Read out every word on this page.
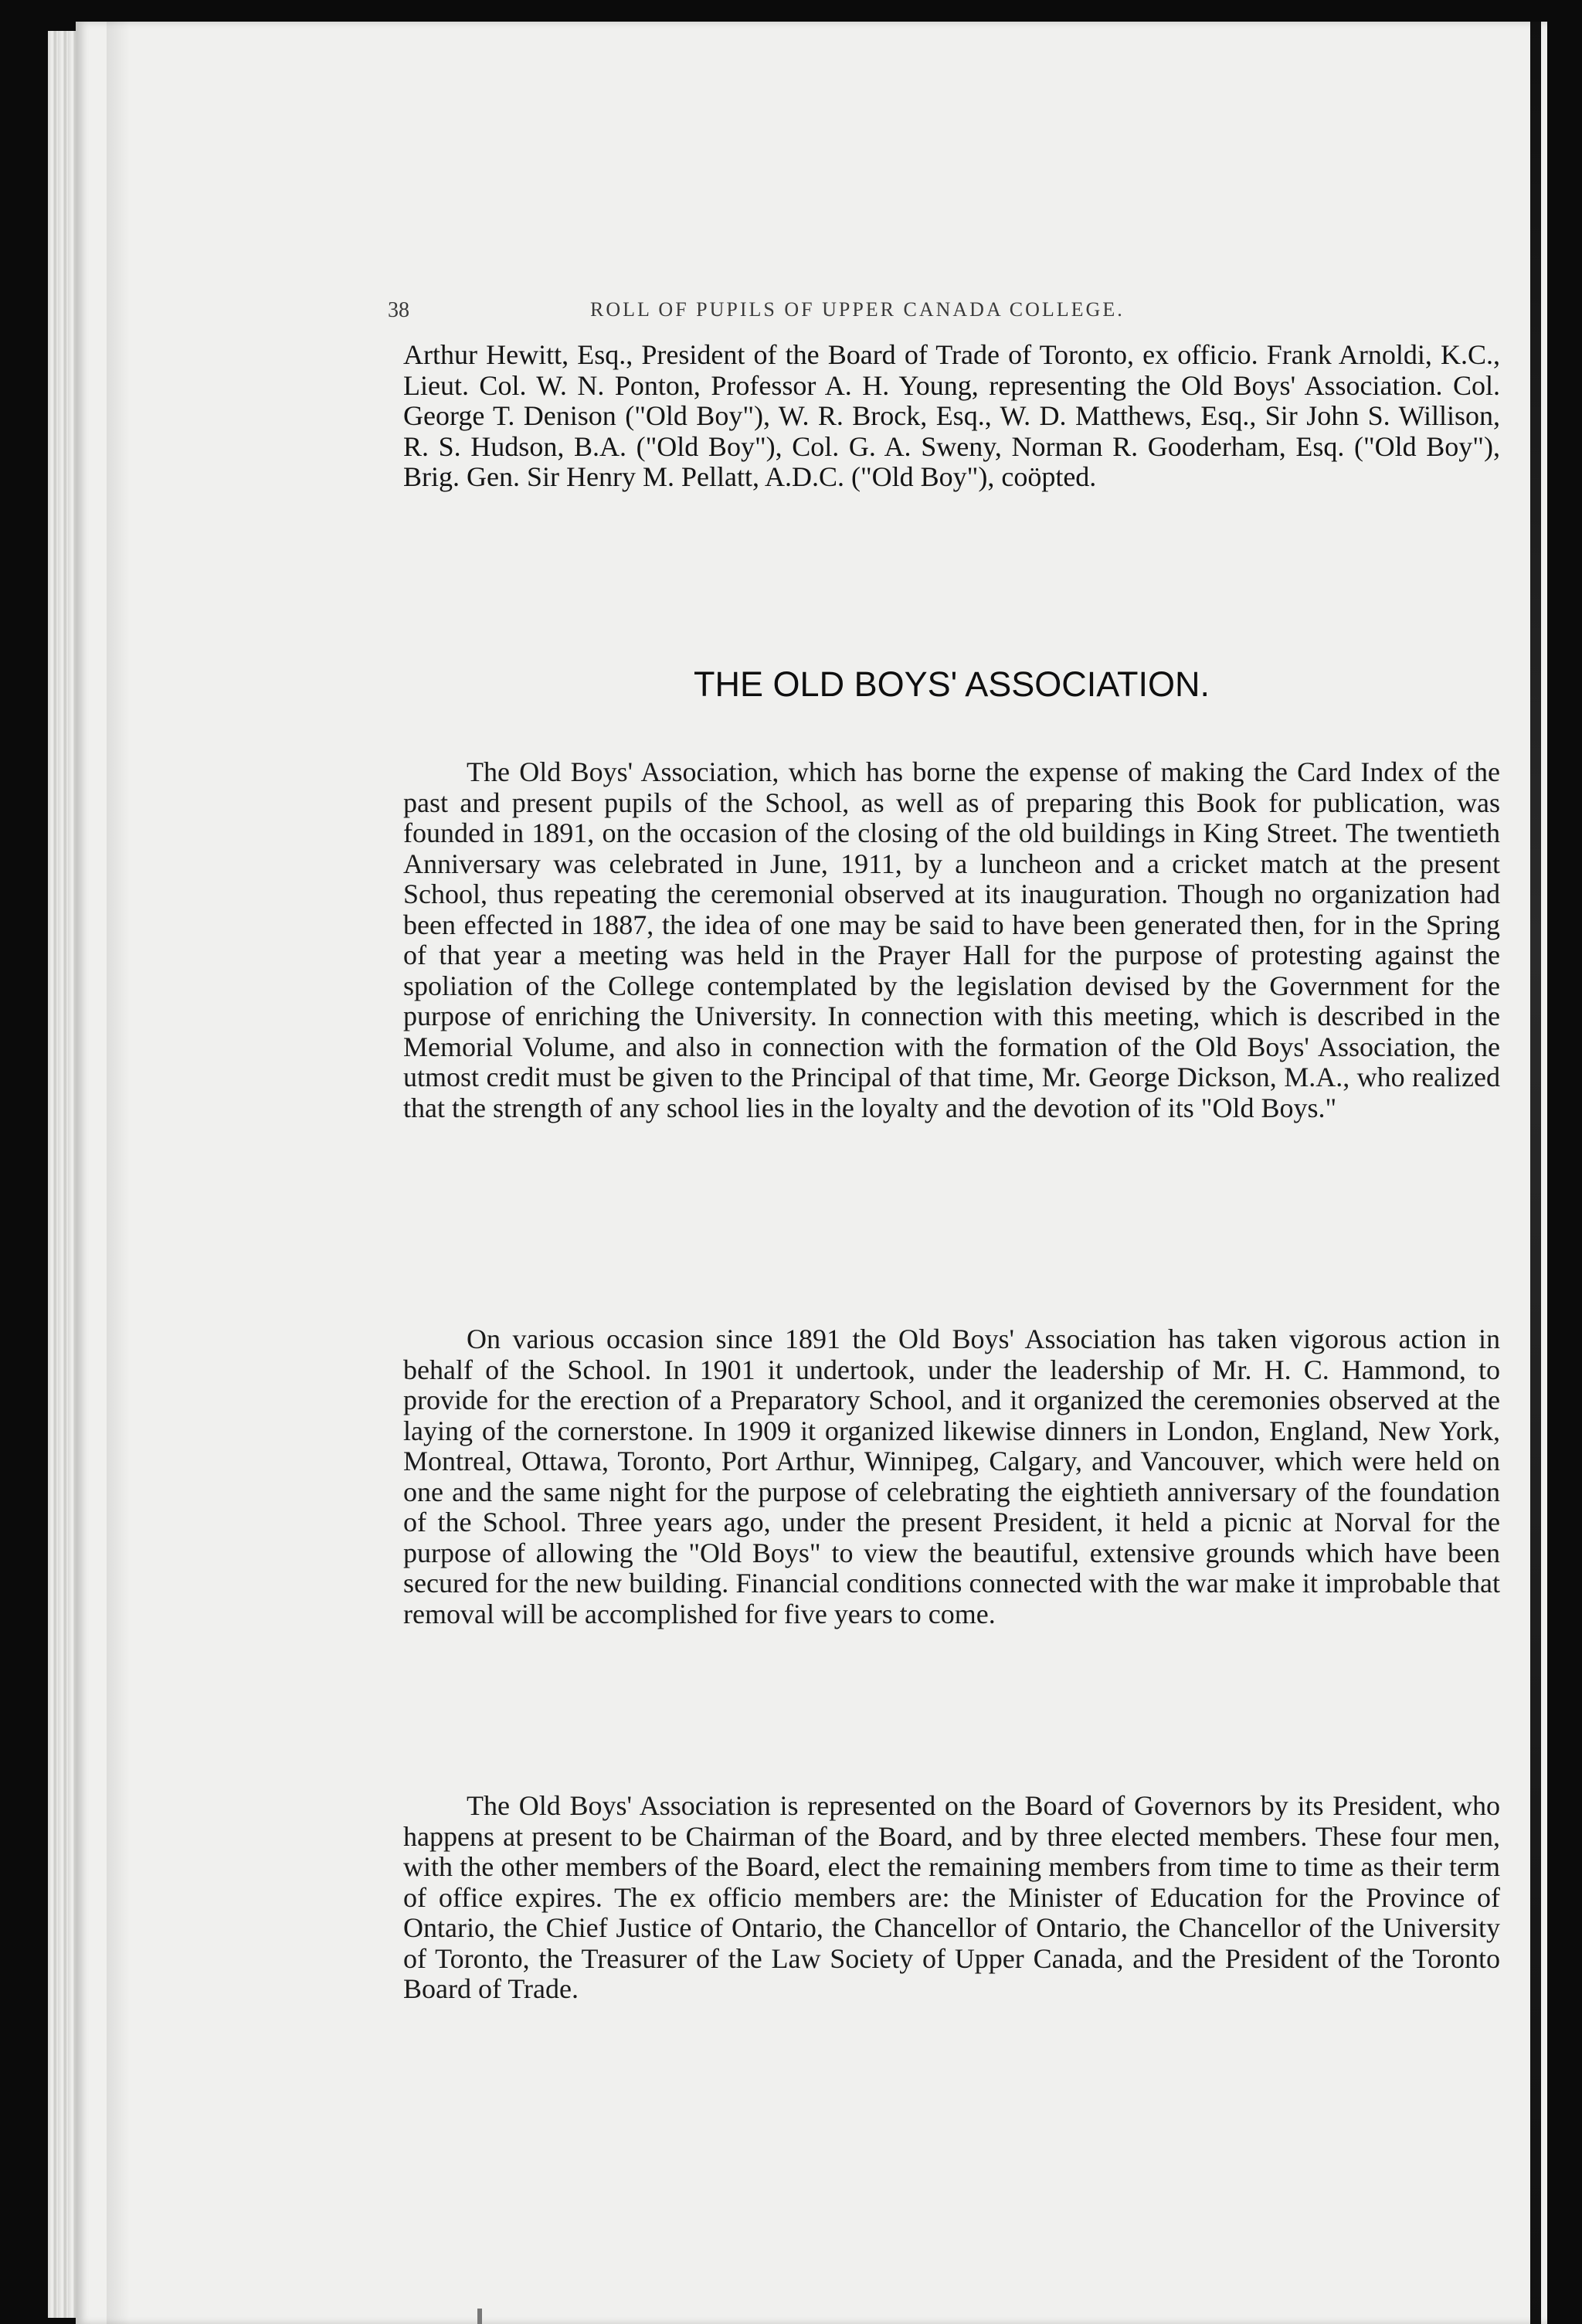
38	ROLL OF PUPILS OF UPPER CANADA COLLEGE.

Arthur Hewitt, Esq., President of the Board of Trade of Toronto, ex officio. Frank Arnoldi, K.C., Lieut. Col. W. N. Ponton, Professor A. H. Young, representing the Old Boys' Association. Col. George T. Denison ("Old Boy"), W. R. Brock, Esq., W. D. Matthews, Esq., Sir John S. Willison, R. S. Hudson, B.A. ("Old Boy"), Col. G. A. Sweny, Norman R. Gooderham, Esq. ("Old Boy"), Brig. Gen. Sir Henry M. Pellatt, A.D.C. ("Old Boy"), coöpted.

THE OLD BOYS' ASSOCIATION.

The Old Boys' Association, which has borne the expense of making the Card Index of the past and present pupils of the School, as well as of preparing this Book for publication, was founded in 1891, on the occasion of the closing of the old buildings in King Street. The twentieth Anniversary was celebrated in June, 1911, by a luncheon and a cricket match at the present School, thus repeating the ceremonial observed at its inauguration. Though no organization had been effected in 1887, the idea of one may be said to have been generated then, for in the Spring of that year a meeting was held in the Prayer Hall for the purpose of protesting against the spoliation of the College contemplated by the legislation devised by the Government for the purpose of enriching the University. In connection with this meeting, which is described in the Memorial Volume, and also in connection with the formation of the Old Boys' Association, the utmost credit must be given to the Principal of that time, Mr. George Dickson, M.A., who realized that the strength of any school lies in the loyalty and the devotion of its "Old Boys."

On various occasion since 1891 the Old Boys' Association has taken vigorous action in behalf of the School. In 1901 it undertook, under the leadership of Mr. H. C. Hammond, to provide for the erection of a Preparatory School, and it organized the ceremonies observed at the laying of the cornerstone. In 1909 it organized likewise dinners in London, England, New York, Montreal, Ottawa, Toronto, Port Arthur, Winnipeg, Calgary, and Vancouver, which were held on one and the same night for the purpose of celebrating the eightieth anniversary of the foundation of the School. Three years ago, under the present President, it held a picnic at Norval for the purpose of allowing the "Old Boys" to view the beautiful, extensive grounds which have been secured for the new building. Financial conditions connected with the war make it improbable that removal will be accomplished for five years to come.

The Old Boys' Association is represented on the Board of Governors by its President, who happens at present to be Chairman of the Board, and by three elected members. These four men, with the other members of the Board, elect the remaining members from time to time as their term of office expires. The ex officio members are: the Minister of Education for the Province of Ontario, the Chief Justice of Ontario, the Chancellor of Ontario, the Chancellor of the University of Toronto, the Treasurer of the Law Society of Upper Canada, and the President of the Toronto Board of Trade.
